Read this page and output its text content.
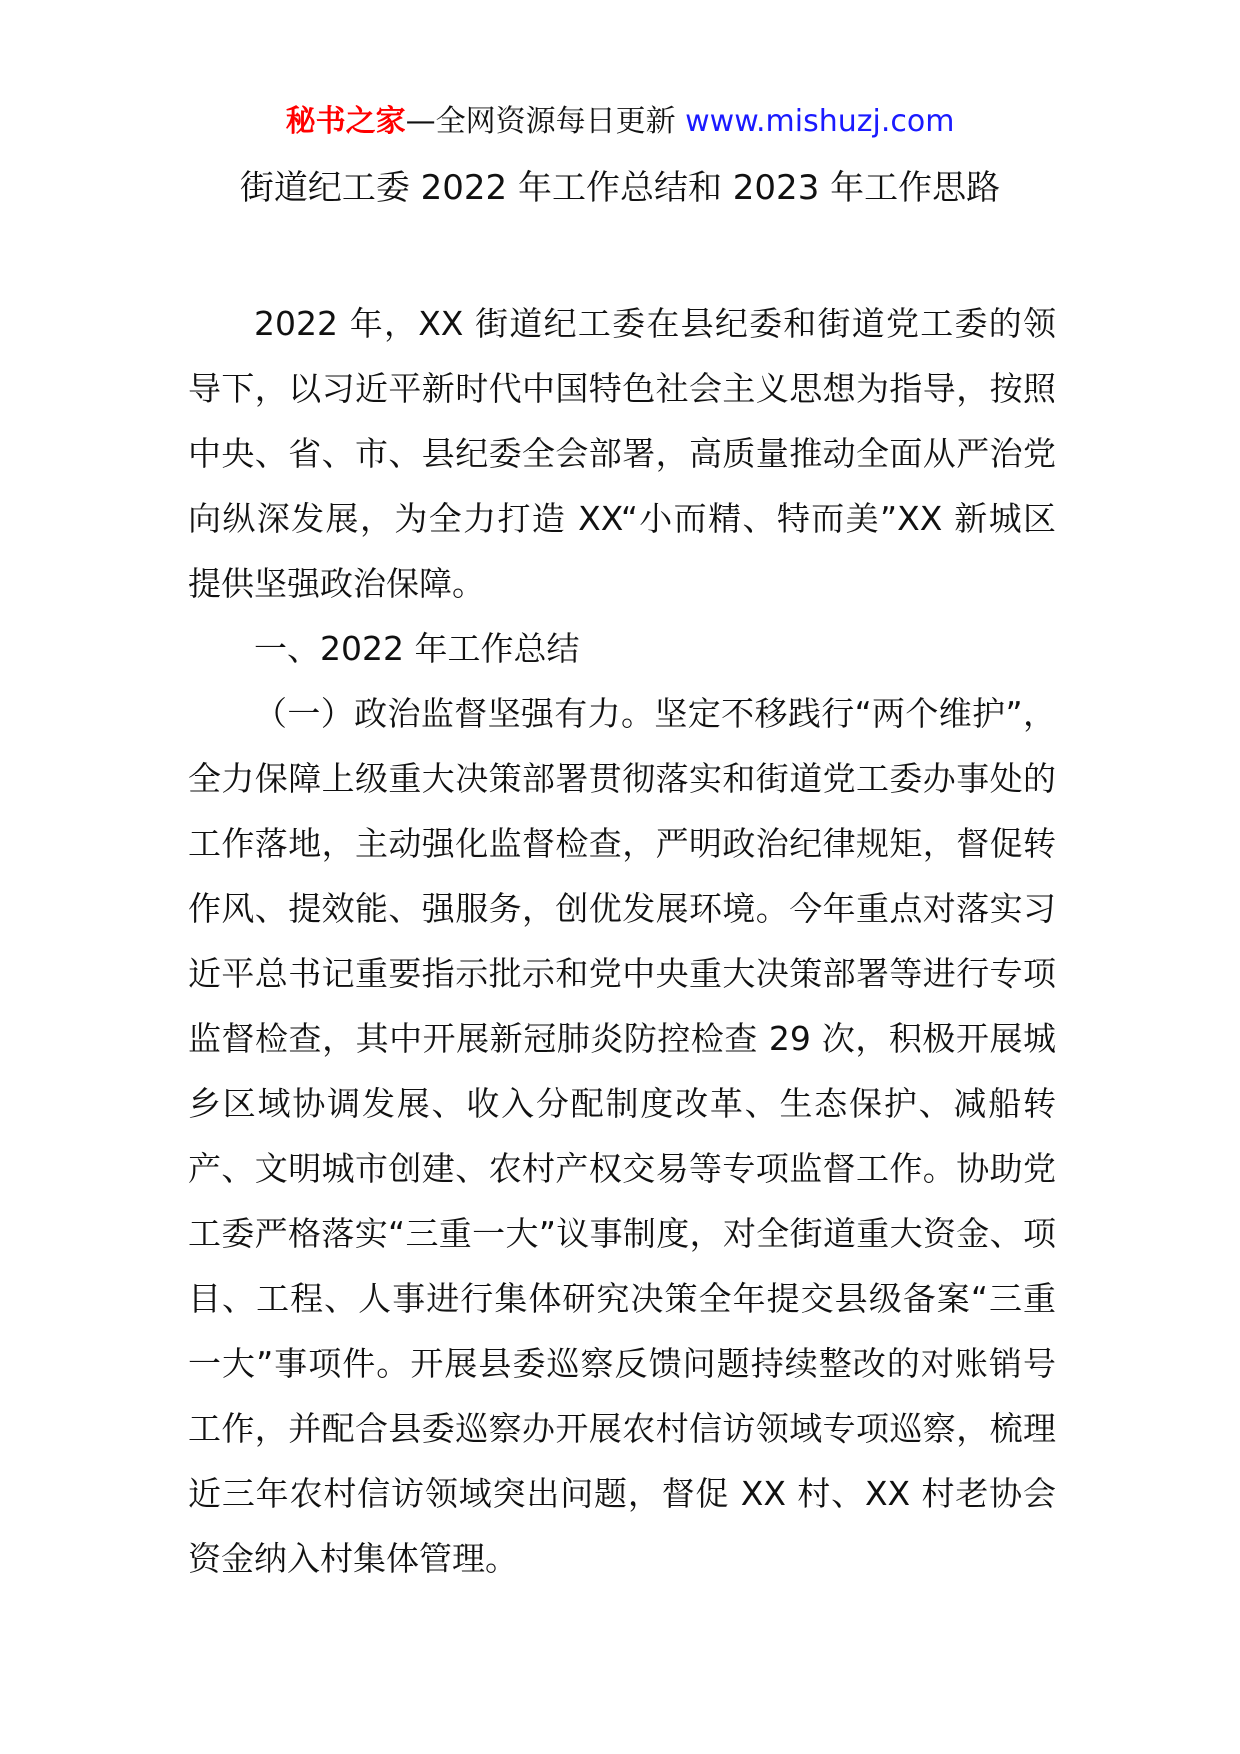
秘书之家—全网资源每日更新 www.mishuzj.com
街道纪工委 2022 年工作总结和 2023 年工作思路

2022 年，XX 街道纪工委在县纪委和街道党工委的领导下，以习近平新时代中国特色社会主义思想为指导，按照中央、省、市、县纪委全会部署，高质量推动全面从严治党向纵深发展，为全力打造 XX“小而精、特而美”XX 新城区提供坚强政治保障。

一、2022 年工作总结

（一）政治监督坚强有力。坚定不移践行“两个维护”，全力保障上级重大决策部署贯彻落实和街道党工委办事处的工作落地，主动强化监督检查，严明政治纪律规矩，督促转作风、提效能、强服务，创优发展环境。今年重点对落实习近平总书记重要指示批示和党中央重大决策部署等进行专项监督检查，其中开展新冠肺炎防控检查 29 次，积极开展城乡区域协调发展、收入分配制度改革、生态保护、减船转产、文明城市创建、农村产权交易等专项监督工作。协助党工委严格落实“三重一大”议事制度，对全街道重大资金、项目、工程、人事进行集体研究决策全年提交县级备案“三重一大”事项件。开展县委巡察反馈问题持续整改的对账销号工作，并配合县委巡察办开展农村信访领域专项巡察，梳理近三年农村信访领域突出问题，督促 XX 村、XX 村老协会资金纳入村集体管理。
